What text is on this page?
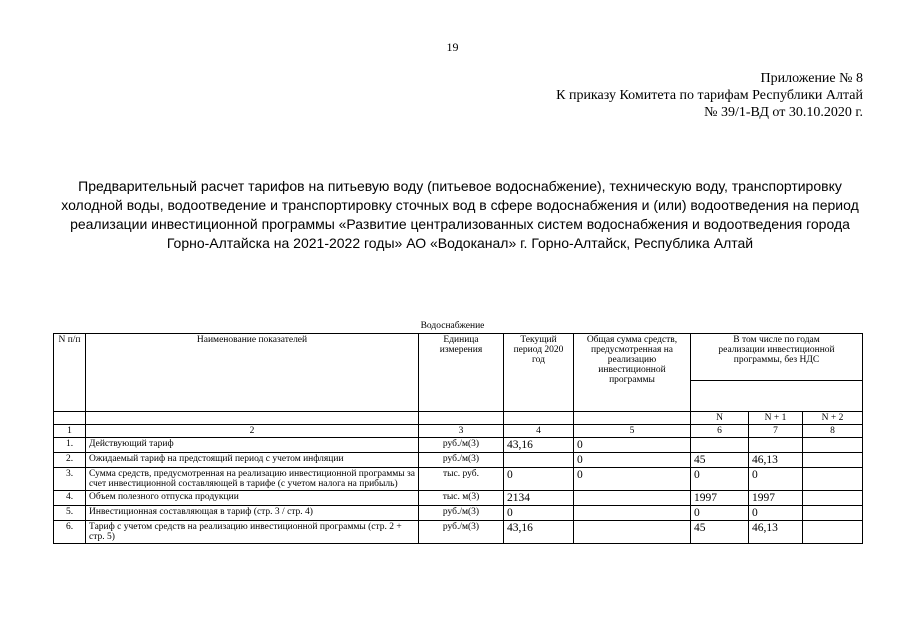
19
Приложение № 8
К приказу Комитета по тарифам Республики Алтай
№ 39/1-ВД от 30.10.2020 г.
Предварительный расчет тарифов на питьевую воду (питьевое водоснабжение), техническую воду, транспортировку
холодной воды, водоотведение и транспортировку сточных вод в сфере водоснабжения и (или) водоотведения на период
реализации инвестиционной программы «Развитие централизованных систем водоснабжения и водоотведения города
Горно-Алтайска на 2021-2022 годы» АО «Водоканал» г. Горно-Алтайск, Республика Алтай
Водоснабжение
N п/п	Наименование показателей	Единица измерения	Текущий период 2020 год	Общая сумма средств, предусмотренная на реализацию инвестиционной программы	В том числе по годам реализации инвестиционной программы, без НДС		

					N	N + 1	N + 2
1	2	3	4	5	6	7	8
1.	Действующий тариф	руб./м(3)	43,16	0			
2.	Ожидаемый тариф на предстоящий период с учетом инфляции	руб./м(3)		0	45	46,13	
3.	Сумма средств, предусмотренная на реализацию инвестиционной программы за счет инвестиционной составляющей в тарифе (с учетом налога на прибыль)	тыс. руб.	0	0	0	0	
4.	Объем полезного отпуска продукции	тыс. м(3)	2134		1997	1997	
5.	Инвестиционная составляющая в тариф (стр. 3 / стр. 4)	руб./м(3)	0		0	0	
6.	Тариф с учетом средств на реализацию инвестиционной программы (стр. 2 + стр. 5)	руб./м(3)	43,16		45	46,13	
